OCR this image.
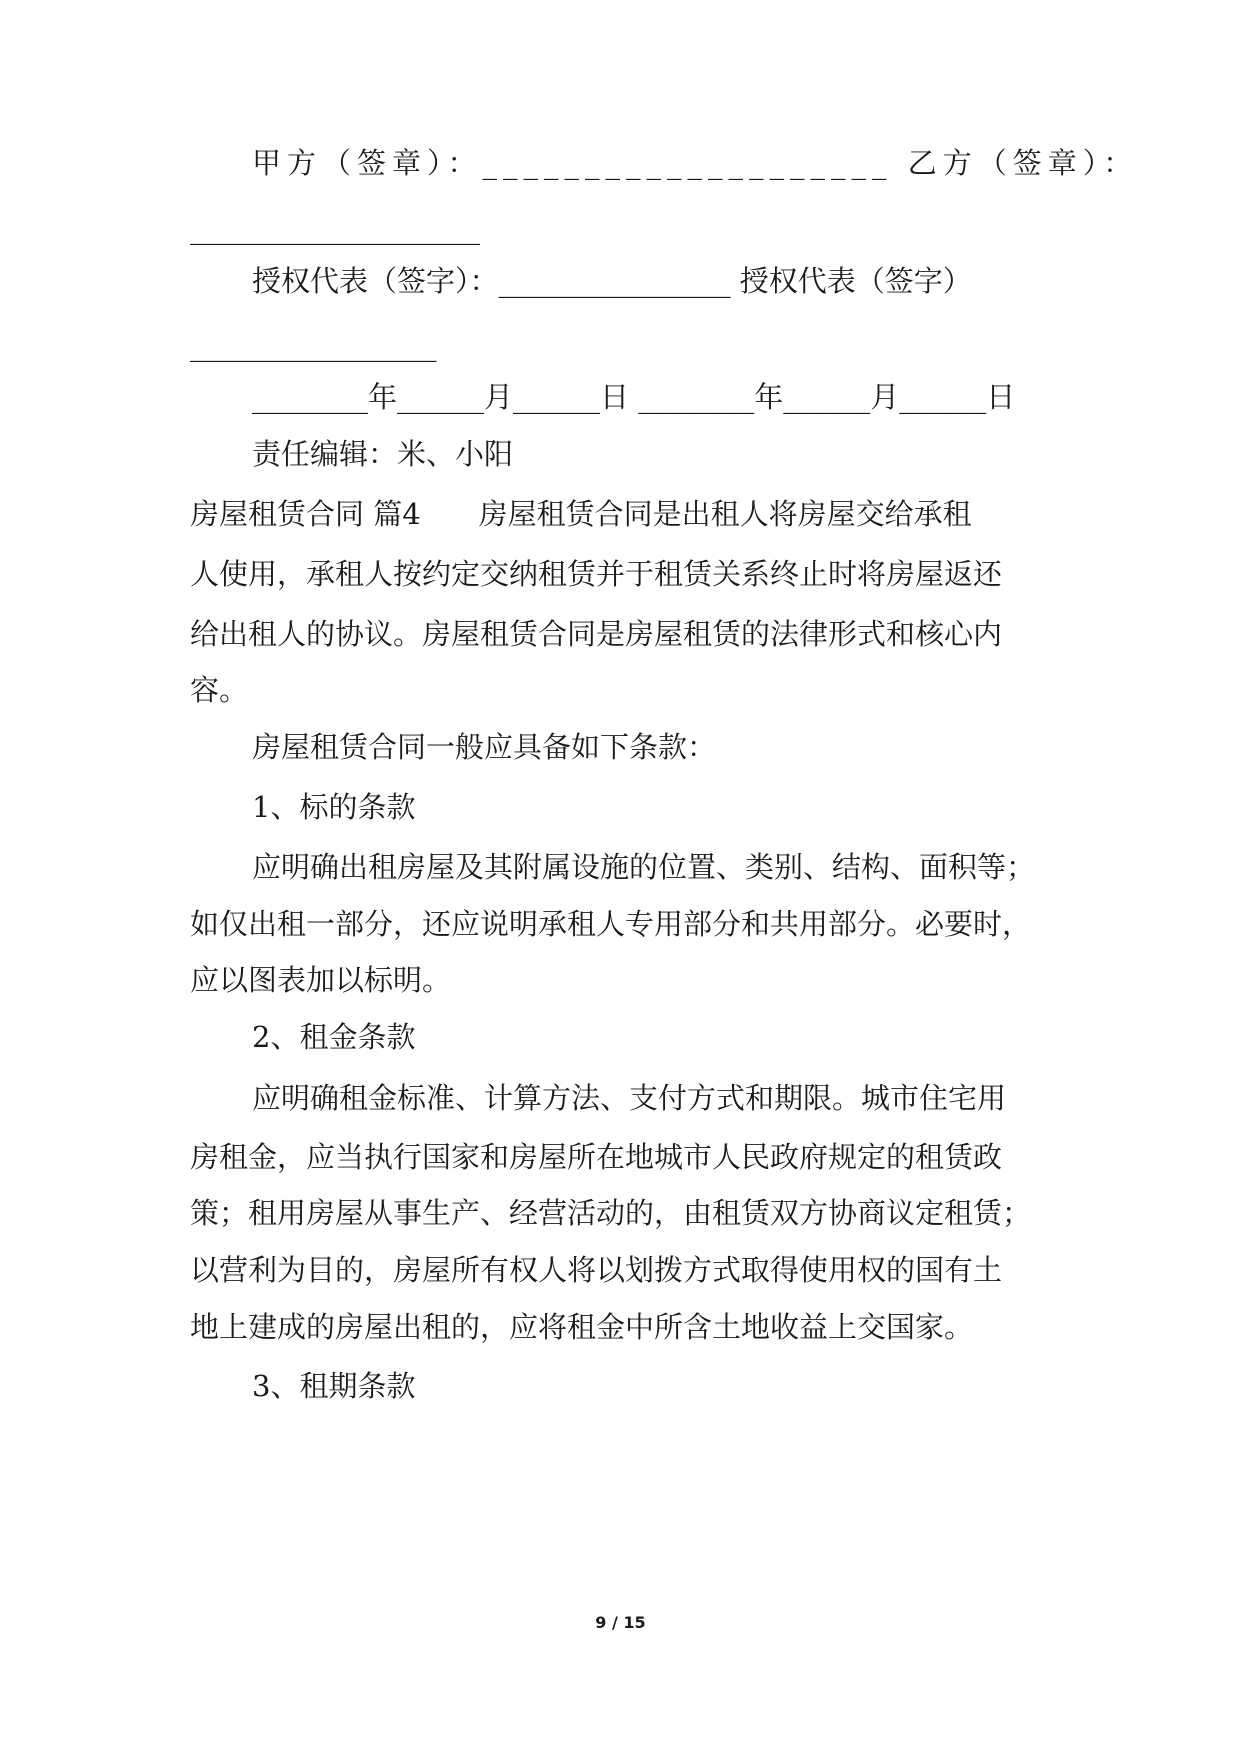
甲方（签章）：____________________ 乙方（签章）：
____________________
授权代表（签字）：________________ 授权代表（签字）
_________________
________年______月______日 ________年______月______日
责任编辑：米、小阳
房屋租赁合同 篇4　　房屋租赁合同是出租人将房屋交给承租
人使用，承租人按约定交纳租赁并于租赁关系终止时将房屋返还
给出租人的协议。房屋租赁合同是房屋租赁的法律形式和核心内
容。
房屋租赁合同一般应具备如下条款：
1、标的条款
应明确出租房屋及其附属设施的位置、类别、结构、面积等；
如仅出租一部分，还应说明承租人专用部分和共用部分。必要时，
应以图表加以标明。
2、租金条款
应明确租金标准、计算方法、支付方式和期限。城市住宅用
房租金，应当执行国家和房屋所在地城市人民政府规定的租赁政
策；租用房屋从事生产、经营活动的，由租赁双方协商议定租赁；
以营利为目的，房屋所有权人将以划拨方式取得使用权的国有土
地上建成的房屋出租的，应将租金中所含土地收益上交国家。
3、租期条款
9 / 15
